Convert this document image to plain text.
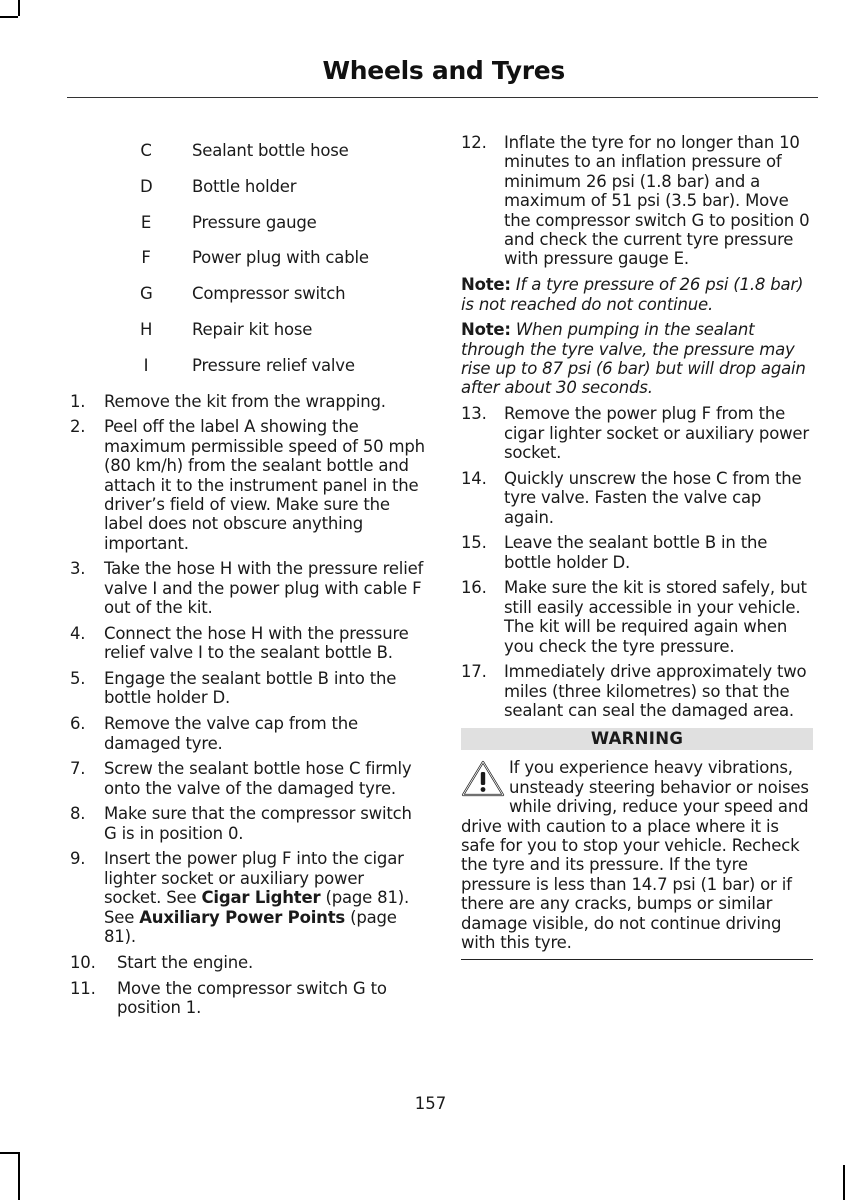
Wheels and Tyres
C Sealant bottle hose
D Bottle holder
E Pressure gauge
F	Power plug with cable
G Compressor switch
H Repair kit hose
I	Pressure relief valve
1.	Remove the kit from the wrapping.
2.	Peel off the label A showing the maximum permissible speed of 50 mph (80 km/h) from the sealant bottle and attach it to the instrument panel in the driver’s field of view. Make sure the label does not obscure anything important.
3.	Take the hose H with the pressure relief valve I and the power plug with cable F out of the kit.
4.	Connect the hose H with the pressure relief valve I to the sealant bottle B.
5.	Engage the sealant bottle B into the bottle holder D.
6.	Remove the valve cap from the damaged tyre.
7.	Screw the sealant bottle hose C firmly onto the valve of the damaged tyre.
8.	Make sure that the compressor switch G is in position 0.
9.	Insert the power plug F into the cigar lighter socket or auxiliary power socket. See Cigar Lighter (page 81). See Auxiliary Power Points (page 81).
10.	Start the engine.
11.	Move the compressor switch G to position 1.
12.	Inflate the tyre for no longer than 10 minutes to an inflation pressure of minimum 26 psi (1.8 bar) and a maximum of 51 psi (3.5 bar). Move the compressor switch G to position 0 and check the current tyre pressure with pressure gauge E.

Note: If a tyre pressure of 26 psi (1.8 bar) is not reached do not continue.

Note: When pumping in the sealant through the tyre valve, the pressure may rise up to 87 psi (6 bar) but will drop again after about 30 seconds.

13.	Remove the power plug F from the cigar lighter socket or auxiliary power socket.
14.	Quickly unscrew the hose C from the tyre valve. Fasten the valve cap again.
15.	Leave the sealant bottle B in the bottle holder D.
16.	Make sure the kit is stored safely, but still easily accessible in your vehicle. The kit will be required again when you check the tyre pressure.
17.	Immediately drive approximately two miles (three kilometres) so that the sealant can seal the damaged area.
WARNING
If you experience heavy vibrations, unsteady steering behavior or noises while driving, reduce your speed and drive with caution to a place where it is safe for you to stop your vehicle. Recheck the tyre and its pressure. If the tyre pressure is less than 14.7 psi (1 bar) or if there are any cracks, bumps or similar damage visible, do not continue driving with this tyre.
157
